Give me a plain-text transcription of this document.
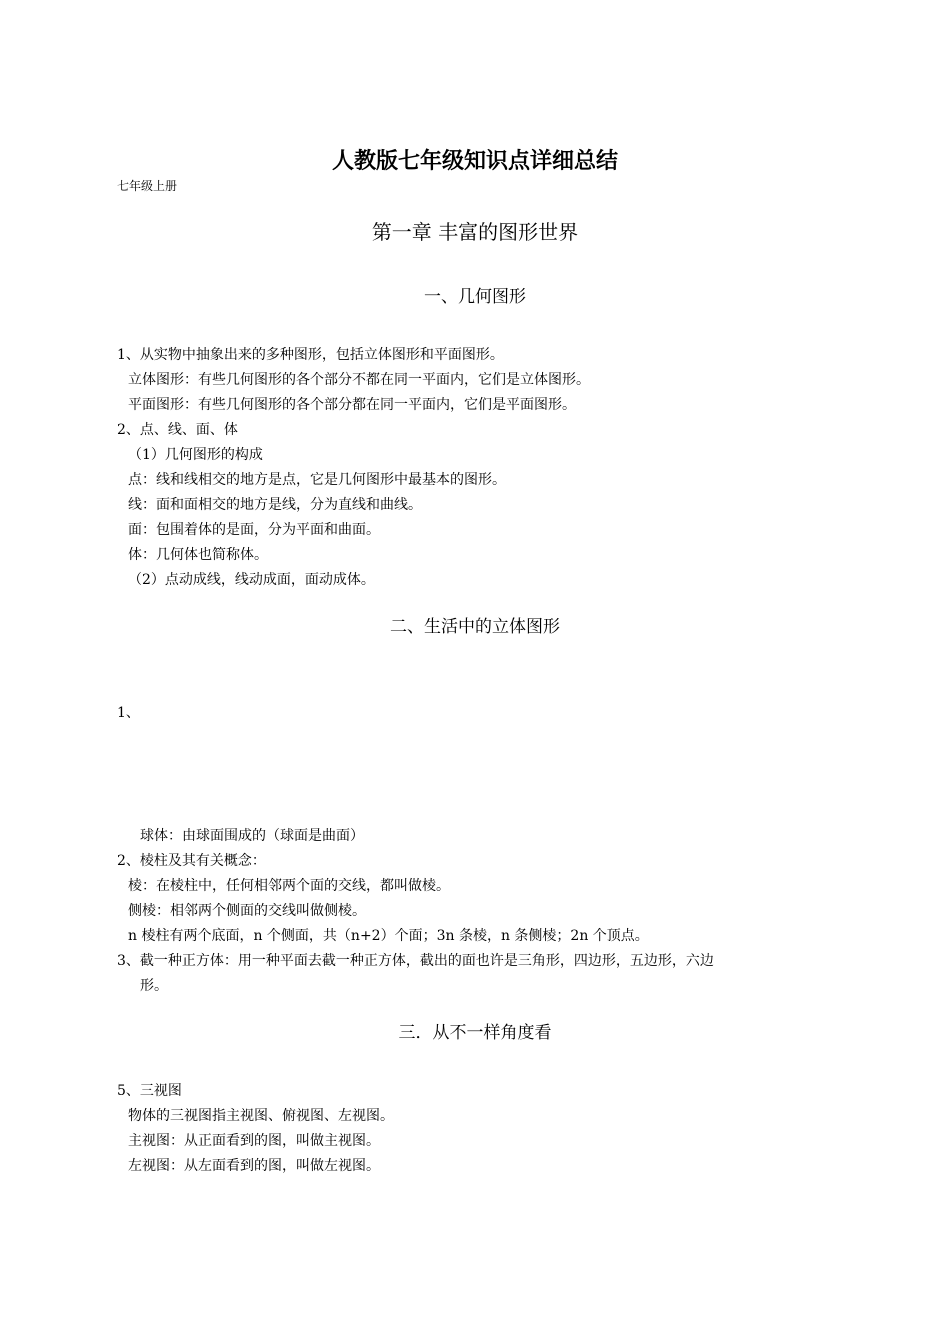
人教版七年级知识点详细总结
七年级上册
第一章 丰富的图形世界
一、几何图形
1、从实物中抽象出来的多种图形，包括立体图形和平面图形。
立体图形：有些几何图形的各个部分不都在同一平面内，它们是立体图形。
平面图形：有些几何图形的各个部分都在同一平面内，它们是平面图形。
2、点、线、面、体
（1）几何图形的构成
点：线和线相交的地方是点，它是几何图形中最基本的图形。
线：面和面相交的地方是线，分为直线和曲线。
面：包围着体的是面，分为平面和曲面。
体：几何体也简称体。
（2）点动成线，线动成面，面动成体。
二、生活中的立体图形
1、
球体：由球面围成的（球面是曲面）
2、棱柱及其有关概念：
棱：在棱柱中，任何相邻两个面的交线，都叫做棱。
侧棱：相邻两个侧面的交线叫做侧棱。
n 棱柱有两个底面，n 个侧面，共（n+2）个面；3n 条棱，n 条侧棱；2n 个顶点。
3、截一种正方体：用一种平面去截一种正方体，截出的面也许是三角形，四边形，五边形，六边
形。
三．从不一样角度看
5、三视图
物体的三视图指主视图、俯视图、左视图。
主视图：从正面看到的图，叫做主视图。
左视图：从左面看到的图，叫做左视图。
